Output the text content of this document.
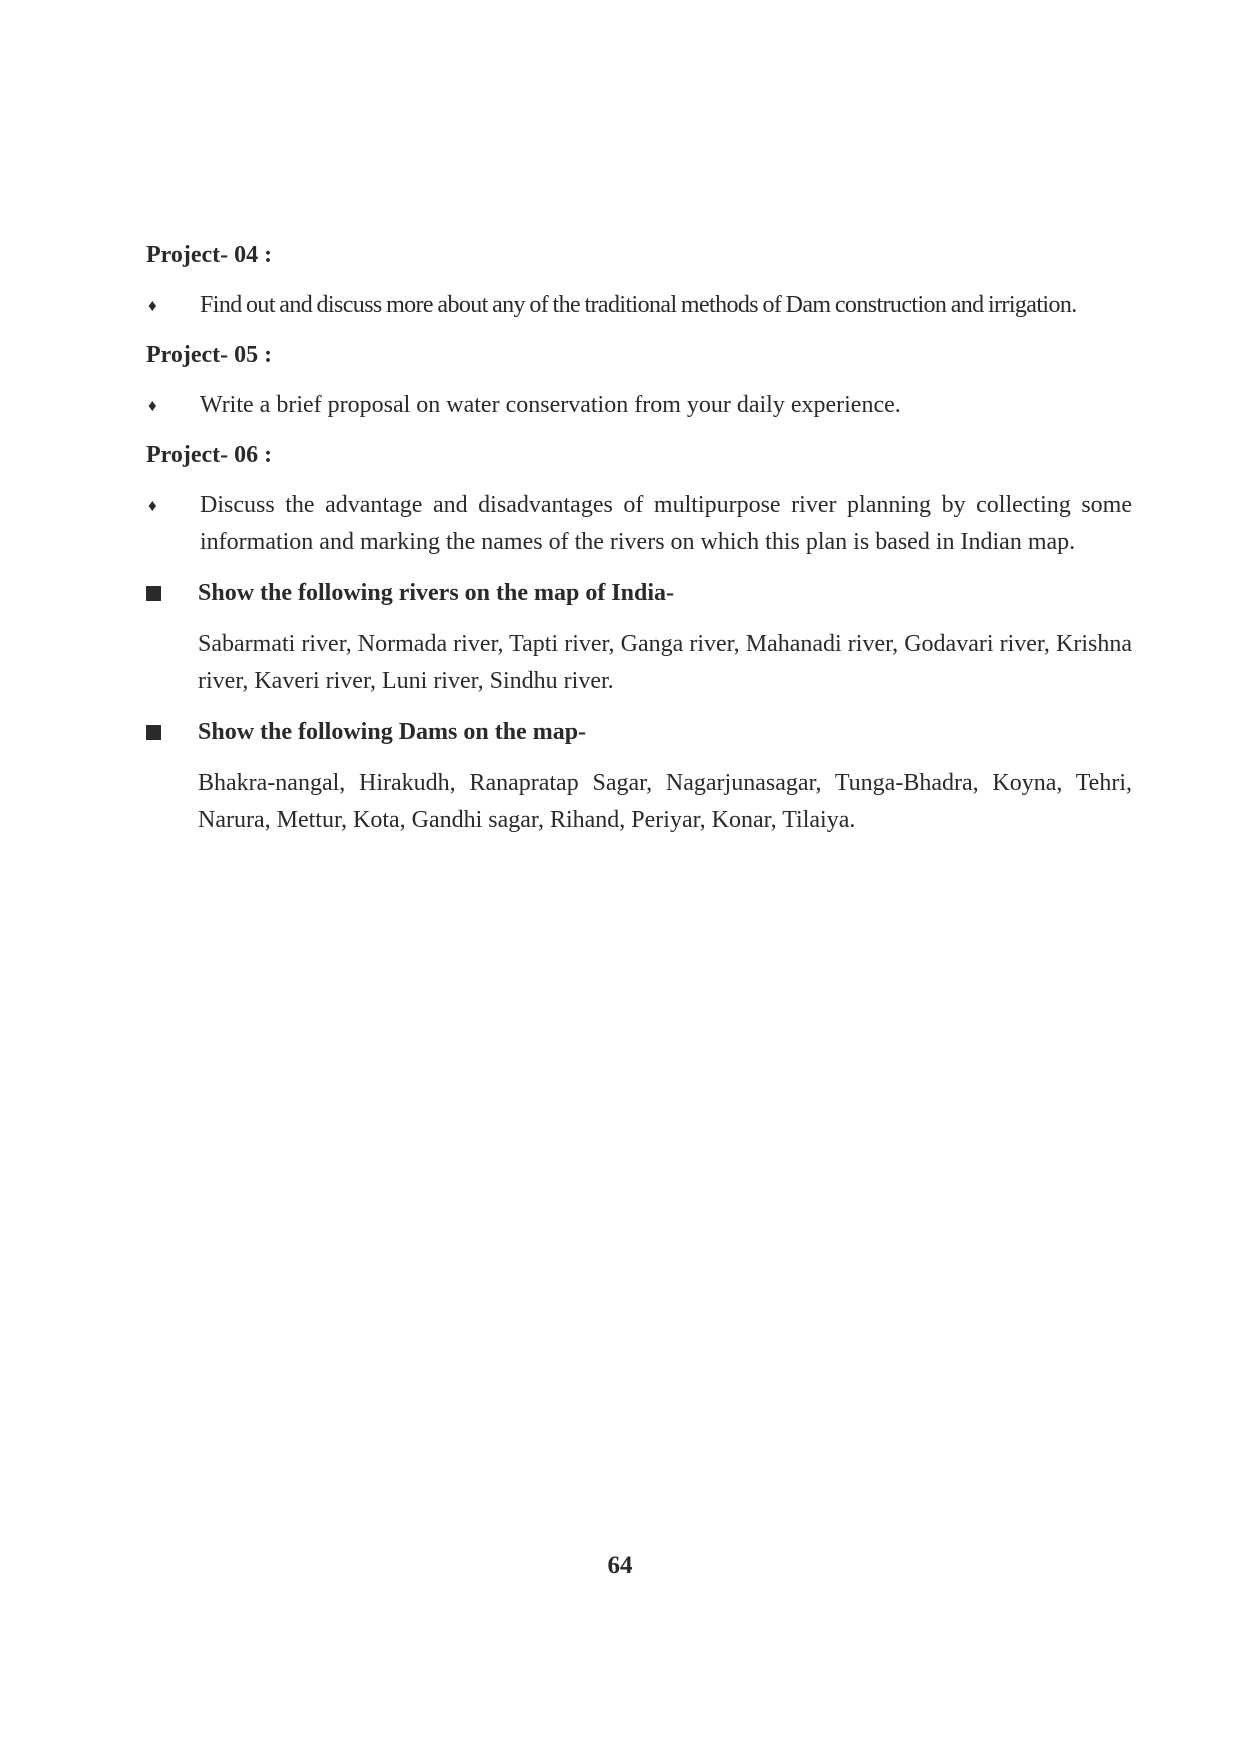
Project- 04 :
♦	Find out and discuss more about any of the traditional methods of Dam construction and irrigation.
Project- 05 :
♦	Write a brief proposal on water conservation from your daily experience.
Project- 06 :
♦	Discuss the advantage and disadvantages of multipurpose river planning by collecting some information and marking the names of the rivers on which this plan is based in Indian map.
Show the following rivers on the map of India-
Sabarmati river, Normada river, Tapti river, Ganga river, Mahanadi river, Godavari river, Krishna river, Kaveri river, Luni river, Sindhu river.
Show the following Dams on the map-
Bhakra-nangal, Hirakudh, Ranapratap Sagar, Nagarjunasagar, Tunga-Bhadra, Koyna, Tehri, Narura, Mettur, Kota, Gandhi sagar, Rihand, Periyar, Konar, Tilaiya.
64
